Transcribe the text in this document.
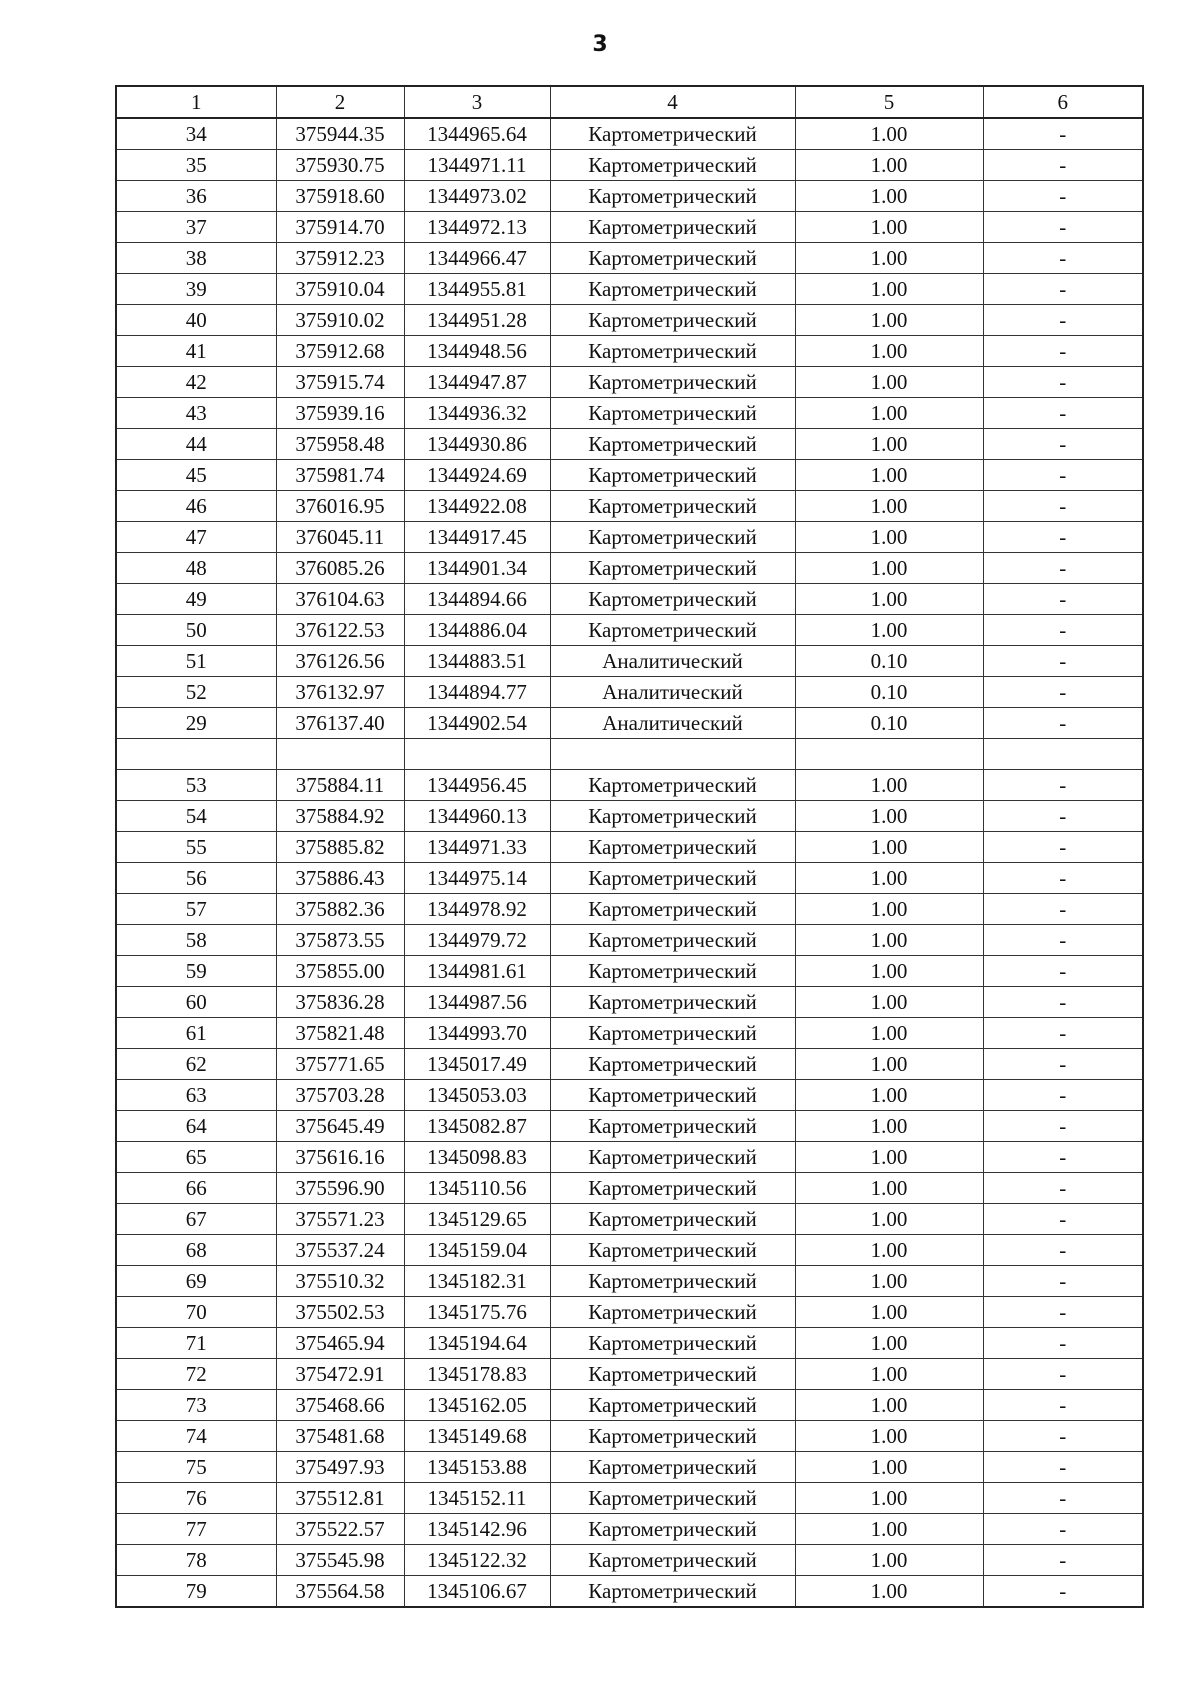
3
1	2	3	4	5	6
34	375944.35	1344965.64	Картометрический	1.00	-
35	375930.75	1344971.11	Картометрический	1.00	-
36	375918.60	1344973.02	Картометрический	1.00	-
37	375914.70	1344972.13	Картометрический	1.00	-
38	375912.23	1344966.47	Картометрический	1.00	-
39	375910.04	1344955.81	Картометрический	1.00	-
40	375910.02	1344951.28	Картометрический	1.00	-
41	375912.68	1344948.56	Картометрический	1.00	-
42	375915.74	1344947.87	Картометрический	1.00	-
43	375939.16	1344936.32	Картометрический	1.00	-
44	375958.48	1344930.86	Картометрический	1.00	-
45	375981.74	1344924.69	Картометрический	1.00	-
46	376016.95	1344922.08	Картометрический	1.00	-
47	376045.11	1344917.45	Картометрический	1.00	-
48	376085.26	1344901.34	Картометрический	1.00	-
49	376104.63	1344894.66	Картометрический	1.00	-
50	376122.53	1344886.04	Картометрический	1.00	-
51	376126.56	1344883.51	Аналитический	0.10	-
52	376132.97	1344894.77	Аналитический	0.10	-
29	376137.40	1344902.54	Аналитический	0.10	-

53	375884.11	1344956.45	Картометрический	1.00	-
54	375884.92	1344960.13	Картометрический	1.00	-
55	375885.82	1344971.33	Картометрический	1.00	-
56	375886.43	1344975.14	Картометрический	1.00	-
57	375882.36	1344978.92	Картометрический	1.00	-
58	375873.55	1344979.72	Картометрический	1.00	-
59	375855.00	1344981.61	Картометрический	1.00	-
60	375836.28	1344987.56	Картометрический	1.00	-
61	375821.48	1344993.70	Картометрический	1.00	-
62	375771.65	1345017.49	Картометрический	1.00	-
63	375703.28	1345053.03	Картометрический	1.00	-
64	375645.49	1345082.87	Картометрический	1.00	-
65	375616.16	1345098.83	Картометрический	1.00	-
66	375596.90	1345110.56	Картометрический	1.00	-
67	375571.23	1345129.65	Картометрический	1.00	-
68	375537.24	1345159.04	Картометрический	1.00	-
69	375510.32	1345182.31	Картометрический	1.00	-
70	375502.53	1345175.76	Картометрический	1.00	-
71	375465.94	1345194.64	Картометрический	1.00	-
72	375472.91	1345178.83	Картометрический	1.00	-
73	375468.66	1345162.05	Картометрический	1.00	-
74	375481.68	1345149.68	Картометрический	1.00	-
75	375497.93	1345153.88	Картометрический	1.00	-
76	375512.81	1345152.11	Картометрический	1.00	-
77	375522.57	1345142.96	Картометрический	1.00	-
78	375545.98	1345122.32	Картометрический	1.00	-
79	375564.58	1345106.67	Картометрический	1.00	-
